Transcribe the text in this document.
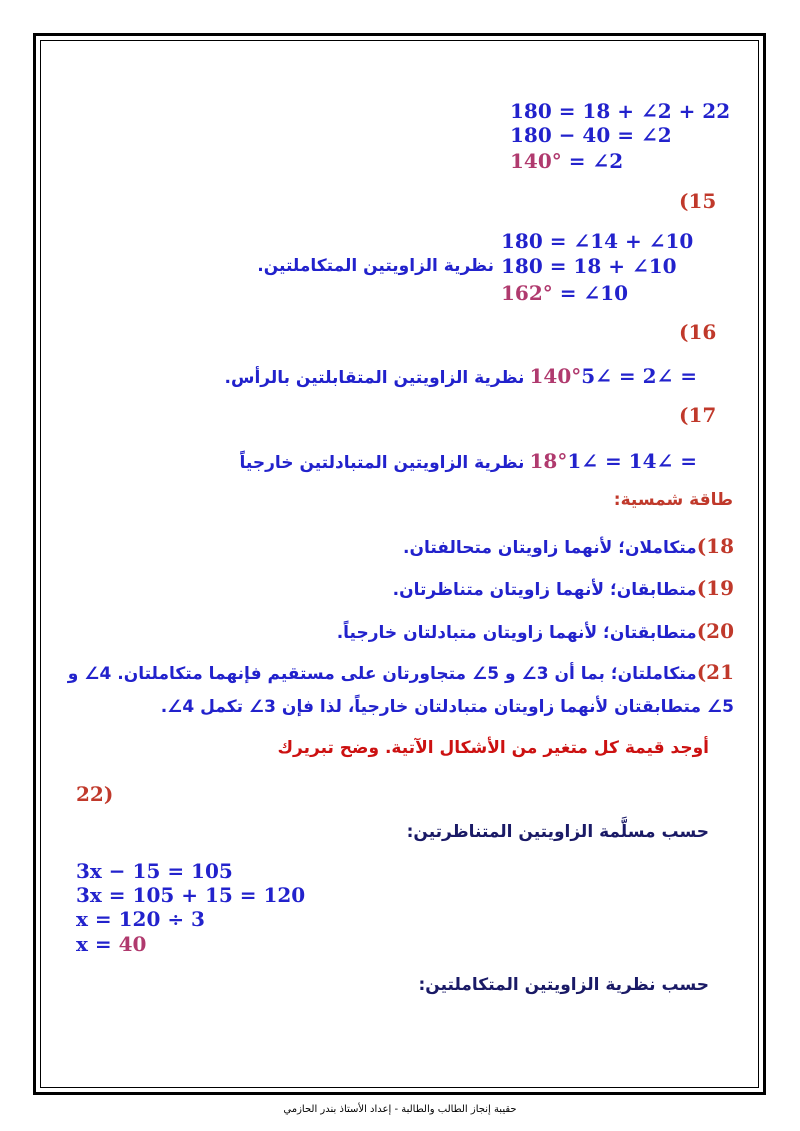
180 = 18 + ∠2 + 22
180 − 40 = ∠2
140° = ∠2
(15
180 = ∠14 + ∠10
180 = 18 + ∠10
نظرية الزاويتين المتكاملتين.
162° = ∠10
(16
5∠ = 2∠ =140° نظرية الزاويتين المتقابلتين بالرأس.
(17
1∠ = 14∠ =18° نظرية الزاويتين المتبادلتين خارجياً
طاقة شمسية:
18)متكاملان؛ لأنهما زاويتان متحالفتان.
19)متطابقان؛ لأنهما زاويتان متناظرتان.
20)متطابقتان؛ لأنهما زاويتان متبادلتان خارجياً.
21)متكاملتان؛ بما أن 3∠ و 5∠ متجاورتان على مستقيم فإنهما متكاملتان. 4∠ و
5∠ متطابقتان لأنهما زاويتان متبادلتان خارجياً، لذا فإن 3∠ تكمل 4∠.
أوجد قيمة كل متغير من الأشكال الآتية. وضح تبريرك
22)
حسب مسلَّمة الزاويتين المتناظرتين:
3x − 15 = 105
3x = 105 + 15 = 120
x = 120 ÷ 3
x = 40
حسب نظرية الزاويتين المتكاملتين:
حقيبة إنجاز الطالب والطالبة - إعداد الأستاذ بندر الحازمي
